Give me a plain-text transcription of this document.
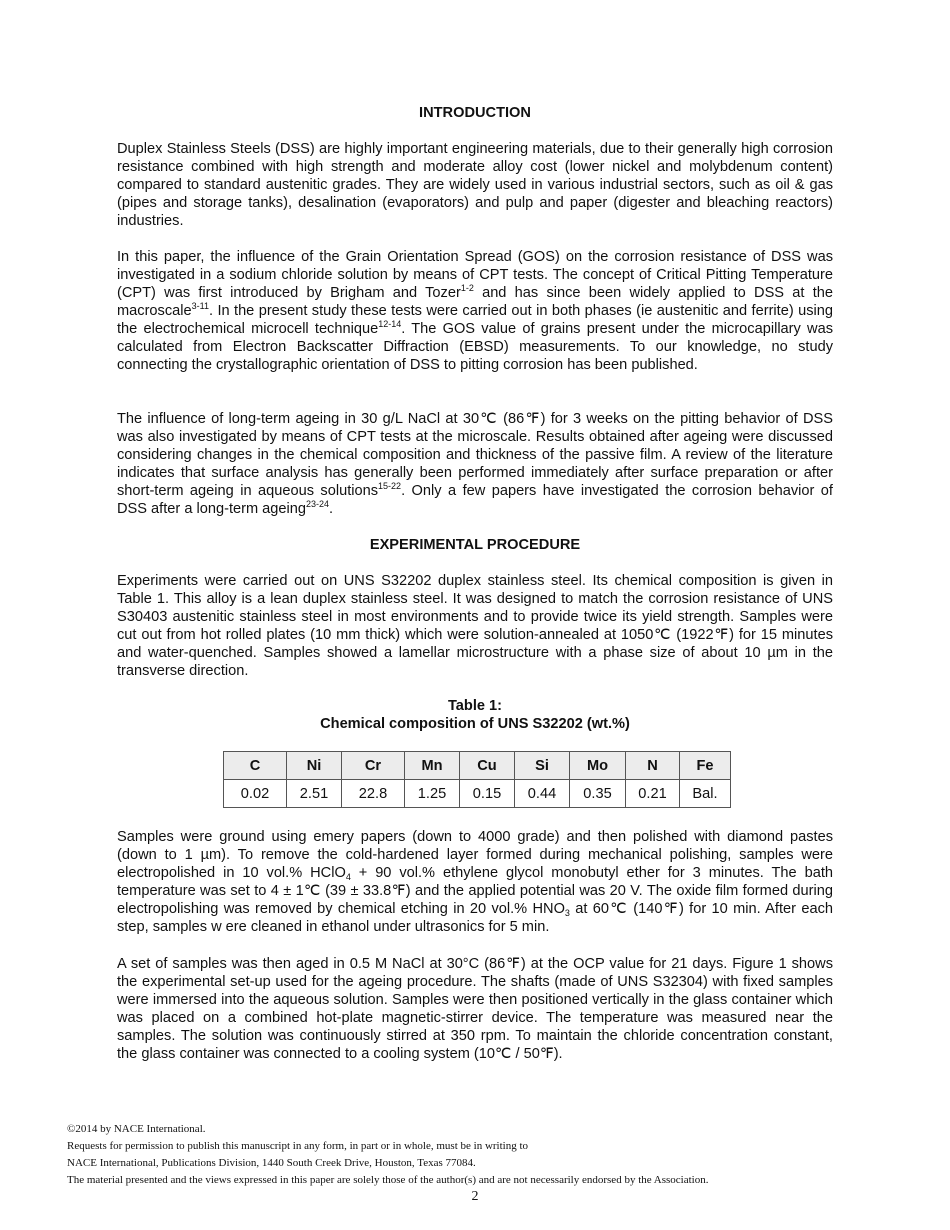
INTRODUCTION

Duplex Stainless Steels (DSS) are highly important engineering materials, due to their generally high corrosion resistance combined with high strength and moderate alloy cost (lower nickel and molybdenum content) compared to standard austenitic grades. They are widely used in various industrial sectors, such as oil & gas (pipes and storage tanks), desalination (evaporators) and pulp and paper (digester and bleaching reactors) industries.

In this paper, the influence of the Grain Orientation Spread (GOS) on the corrosion resistance of DSS was investigated in a sodium chloride solution by means of CPT tests. The concept of Critical Pitting Temperature (CPT) was first introduced by Brigham and Tozer$^{1-2}$ and has since been widely applied to DSS at the macroscale$^{3-11}$. In the present study these tests were carried out in both phases (ie austenitic and ferrite) using the electrochemical microcell technique$^{12-14}$. The GOS value of grains present under the microcapillary was calculated from Electron Backscatter Diffraction (EBSD) measurements. To our knowledge, no study connecting the crystallographic orientation of DSS to pitting corrosion has been published.

The influence of long-term ageing in 30 g/L NaCl at 30℃ (86℉) for 3 weeks on the pitting behavior of DSS was also investigated by means of CPT tests at the microscale. Results obtained after ageing were discussed considering changes in the chemical composition and thickness of the passive film. A review of the literature indicates that surface analysis has generally been performed immediately after surface preparation or after short-term ageing in aqueous solutions$^{15-22}$. Only a few papers have investigated the corrosion behavior of DSS after a long-term ageing$^{23-24}$.

EXPERIMENTAL PROCEDURE

Experiments were carried out on UNS S32202 duplex stainless steel. Its chemical composition is given in Table 1. This alloy is a lean duplex stainless steel. It was designed to match the corrosion resistance of UNS S30403 austenitic stainless steel in most environments and to provide twice its yield strength. Samples were cut out from hot rolled plates (10 mm thick) which were solution-annealed at 1050℃ (1922℉) for 15 minutes and water-quenched. Samples showed a lamellar microstructure with a phase size of about 10 µm in the transverse direction.

Table 1:

Chemical composition of UNS S32202 (wt.%)

C	Ni	Cr	Mn	Cu	Si	Mo	N	Fe
0.02	2.51	22.8	1.25	0.15	0.44	0.35	0.21	Bal.

Samples were ground using emery papers (down to 4000 grade) and then polished with diamond pastes (down to 1 µm). To remove the cold-hardened layer formed during mechanical polishing, samples were electropolished in 10 vol.% HClO$_4$ + 90 vol.% ethylene glycol monobutyl ether for 3 minutes. The bath temperature was set to 4 ± 1℃ (39 ± 33.8℉) and the applied potential was 20 V. The oxide film formed during electropolishing was removed by chemical etching in 20 vol.% $HNO_3$ at 60℃ (140℉) for 10 min. After each step, samples w ere cleaned in ethanol under ultrasonics for 5 min.

A set of samples was then aged in 0.5 M NaCl at 30°C (86℉) at the OCP value for 21 days. Figure 1 shows the experimental set-up used for the ageing procedure. The shafts (made of UNS S32304) with fixed samples were immersed into the aqueous solution. Samples were then positioned vertically in the glass container which was placed on a combined hot-plate magnetic-stirrer device. The temperature was measured near the samples. The solution was continuously stirred at 350 rpm. To maintain the chloride concentration constant, the glass container was connected to a cooling system (10℃ / 50℉).

©2014 by NACE International.

Requests for permission to publish this manuscript in any form, in part or in whole, must be in writing to

NACE International, Publications Division, 1440 South Creek Drive, Houston, Texas 77084.

The material presented and the views expressed in this paper are solely those of the author(s) and are not necessarily endorsed by the Association.

2
